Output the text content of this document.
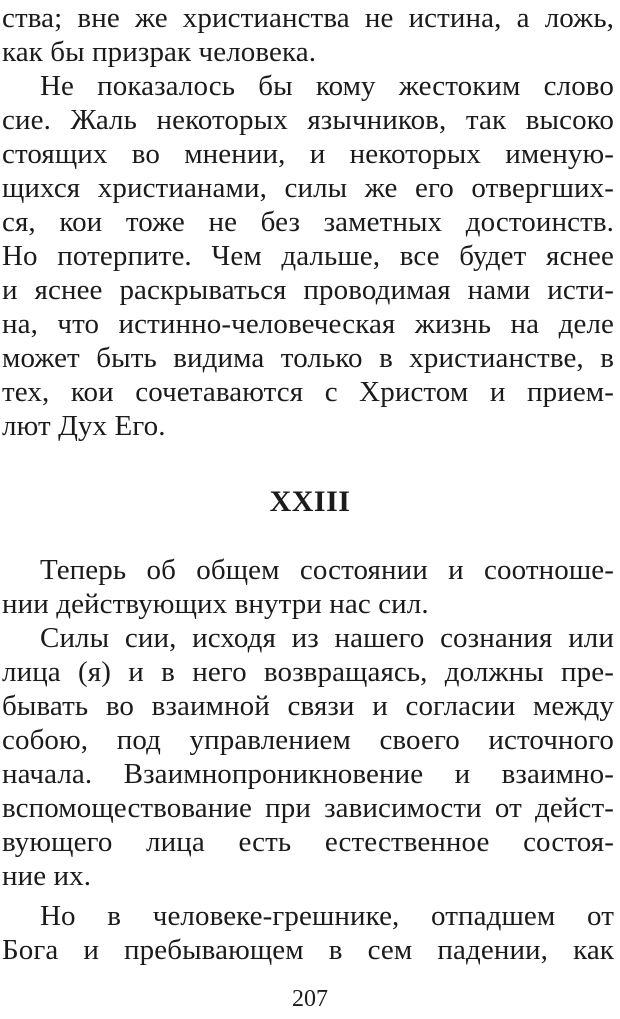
ства; вне же христианства не истина, а ложь,
как бы призрак человека.
Не показалось бы кому жестоким слово
сие. Жаль некоторых язычников, так высоко
стоящих во мнении, и некоторых именую-
щихся христианами, силы же его отвергших-
ся, кои тоже не без заметных достоинств.
Но потерпите. Чем дальше, все будет яснее
и яснее раскрываться проводимая нами исти-
на, что истинно-человеческая жизнь на деле
может быть видима только в христианстве, в
тех, кои сочетаваются с Христом и прием-
лют Дух Его.
XXIII
Теперь об общем состоянии и соотноше-
нии действующих внутри нас сил.
Силы сии, исходя из нашего сознания или
лица (я) и в него возвращаясь, должны пре-
бывать во взаимной связи и согласии между
собою, под управлением своего источного
начала. Взаимнопроникновение и взаимно-
вспомоществование при зависимости от дейст-
вующего лица есть естественное состоя-
ние их.
Но в человеке-грешнике, отпадшем от
Бога и пребывающем в сем падении, как
207
